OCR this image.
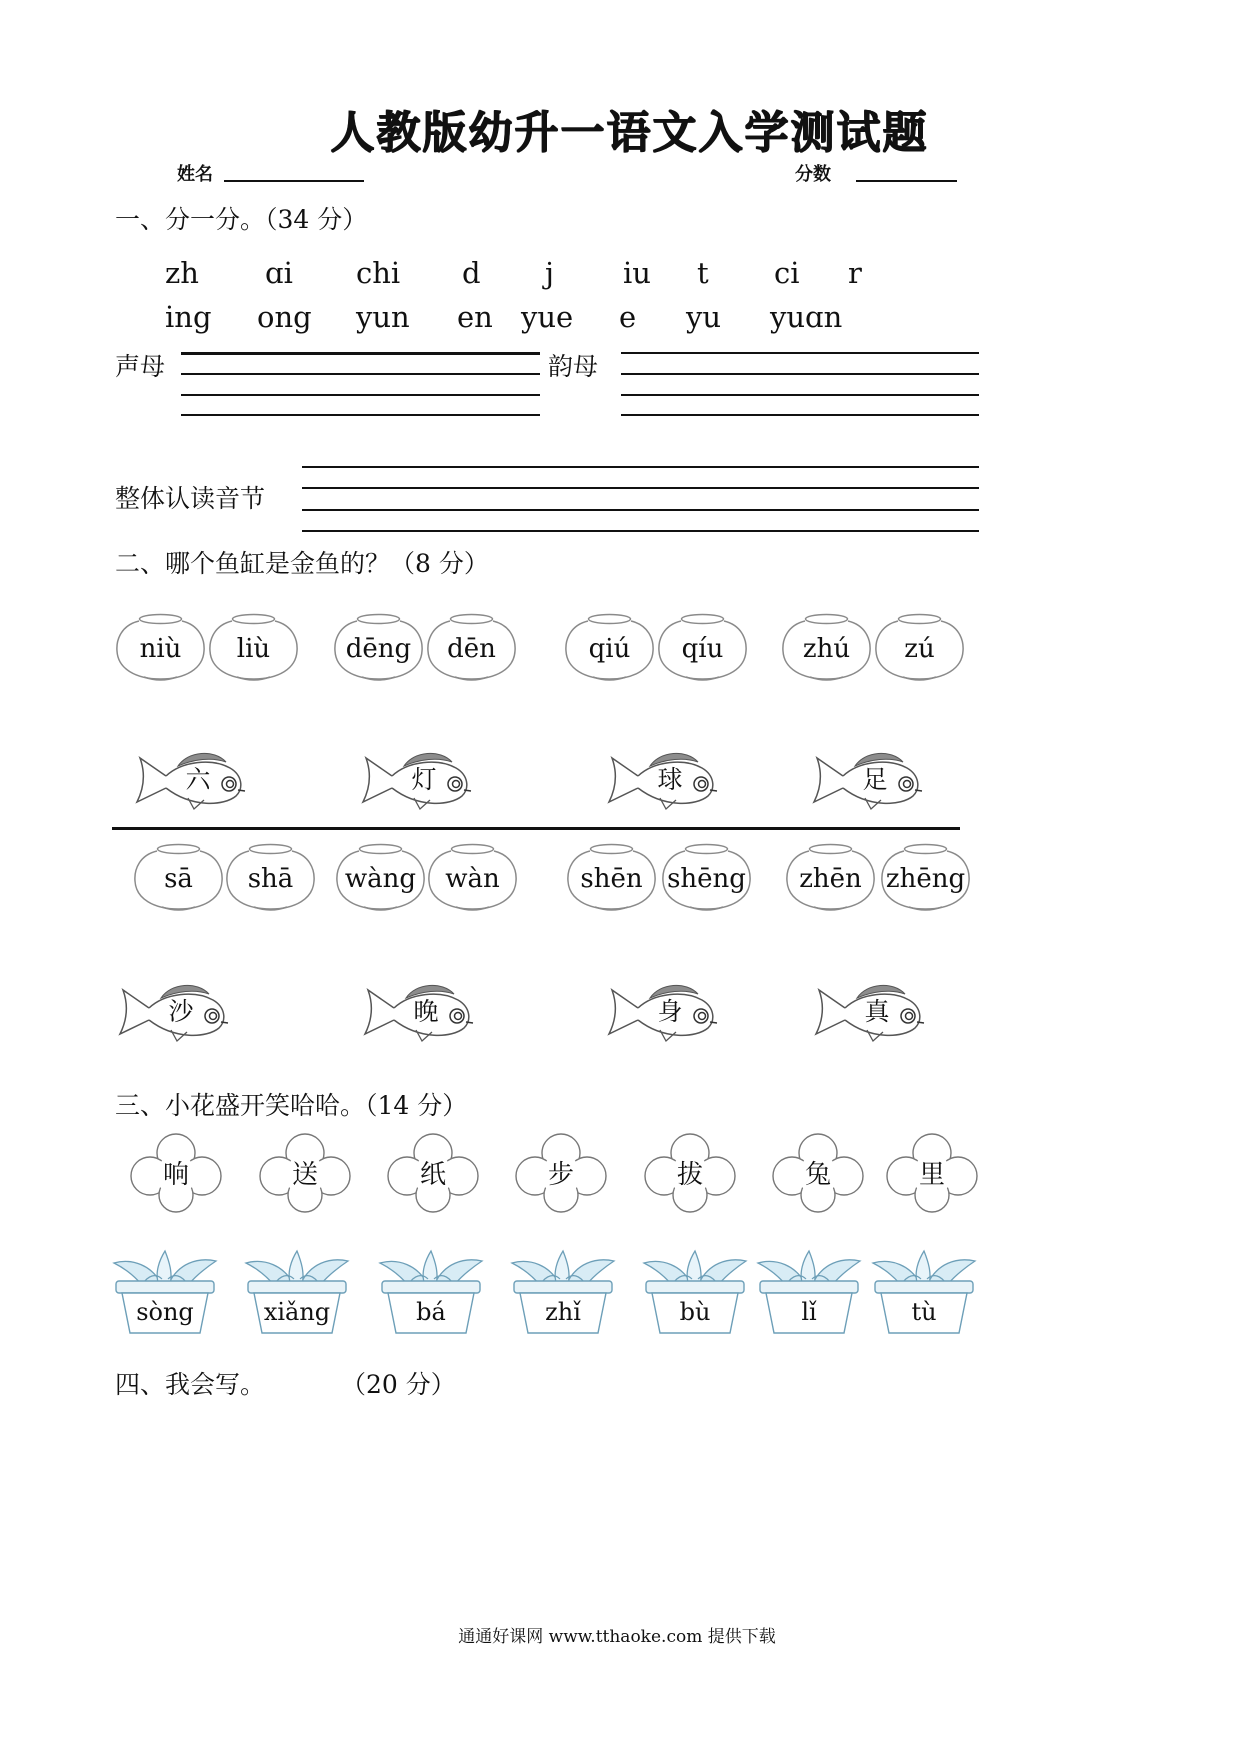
人教版幼升一语文入学测试题
姓名	分数
一、分一分。（34 分）
zh ɑi chi d j iu t ci r
ing ong yun en yue e yu yuɑn
声母	韵母
整体认读音节
二、哪个鱼缸是金鱼的？（8 分）
niù	liù	dēng	dēn	qiú	qíu	zhú	zú
六	灯	球	足
sā	shā	wàng	wàn	shēn shēng	zhēn zhēng
沙	晚	身	真
三、小花盛开笑哈哈。（14 分）
响	送	纸	步	拔	兔	里
sòng	xiǎng	bá	zhǐ	bù	lǐ	tù
四、我会写。	（20 分）
通通好课网 www.tthaoke.com 提供下载
